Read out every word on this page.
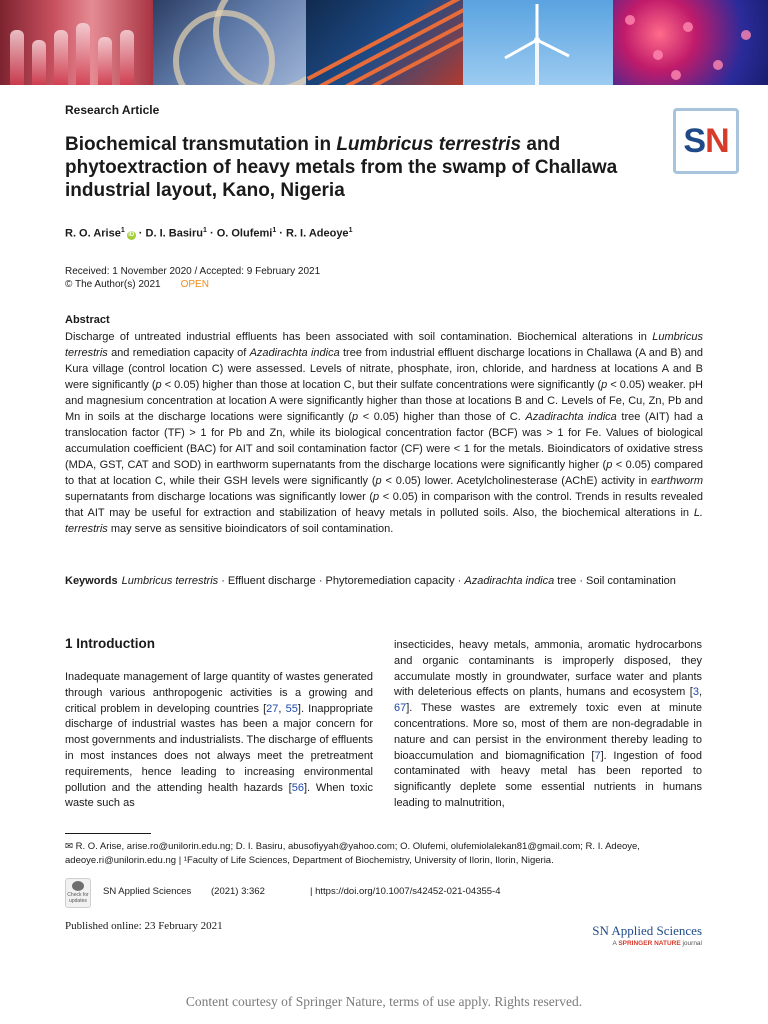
Research Article
Biochemical transmutation in Lumbricus terrestris and phytoextraction of heavy metals from the swamp of Challawa industrial layout, Kano, Nigeria
S N
R. O. Arise$^1$iD · D. I. Basiru$^1$ · O. Olufemi$^1$ · R. I. Adeoye$^1$
Received: 1 November 2020 / Accepted: 9 February 2021
© The Author(s) 2021 OPEN
Abstract
Discharge of untreated industrial effluents has been associated with soil contamination. Biochemical alterations in Lumbricus terrestris and remediation capacity of Azadirachta indica tree from industrial effluent discharge locations in Challawa (A and B) and Kura village (control location C) were assessed. Levels of nitrate, phosphate, iron, chloride, and hardness at locations A and B were significantly (p < 0.05) higher than those at location C, but their sulfate concentrations were significantly (p < 0.05) weaker. pH and magnesium concentration at location A were significantly higher than those at locations B and C. Levels of Fe, Cu, Zn, Pb and Mn in soils at the discharge locations were significantly (p < 0.05) higher than those of C. Azadirachta indica tree (AIT) had a translocation factor (TF) > 1 for Pb and Zn, while its biological concentration factor (BCF) was > 1 for Fe. Values of biological accumulation coefficient (BAC) for AIT and soil contamination factor (CF) were < 1 for the metals. Bioindicators of oxidative stress (MDA, GST, CAT and SOD) in earthworm supernatants from the discharge locations were significantly higher (p < 0.05) compared to that at location C, while their GSH levels were significantly (p < 0.05) lower. Acetylcholinesterase (AChE) activity in earthworm supernatants from discharge locations was significantly lower (p < 0.05) in comparison with the control. Trends in results revealed that AIT may be useful for extraction and stabilization of heavy metals in polluted soils. Also, the biochemical alterations in L. terrestris may serve as sensitive bioindicators of soil contamination.
Keywords Lumbricus terrestris · Effluent discharge · Phytoremediation capacity · Azadirachta indica tree · Soil contamination
1 Introduction
Inadequate management of large quantity of wastes generated through various anthropogenic activities is a growing and critical problem in developing countries [27, 55]. Inappropriate discharge of industrial wastes has been a major concern for most governments and industrialists. The discharge of effluents in most instances does not always meet the pretreatment requirements, hence leading to increasing environmental pollution and the attending health hazards [56]. When toxic waste such as
insecticides, heavy metals, ammonia, aromatic hydrocarbons and organic contaminants is improperly disposed, they accumulate mostly in groundwater, surface water and plants with deleterious effects on plants, humans and ecosystem [3, 67]. These wastes are extremely toxic even at minute concentrations. More so, most of them are non-degradable in nature and can persist in the environment thereby leading to bioaccumulation and biomagnification [7]. Ingestion of food contaminated with heavy metal has been reported to significantly deplete some essential nutrients in humans leading to malnutrition,
✉ R. O. Arise, arise.ro@unilorin.edu.ng; D. I. Basiru, abusofiyyah@yahoo.com; O. Olufemi, olufemiolalekan81@gmail.com; R. I. Adeoye, adeoye.ri@unilorin.edu.ng | ¹Faculty of Life Sciences, Department of Biochemistry, University of Ilorin, Ilorin, Nigeria.
Check for updates
SN Applied Sciences (2021) 3:362	| https://doi.org/10.1007/s42452-021-04355-4
Published online: 23 February 2021	SN Applied Sciences
A SPRINGER NATURE journal
Content courtesy of Springer Nature, terms of use apply. Rights reserved.
